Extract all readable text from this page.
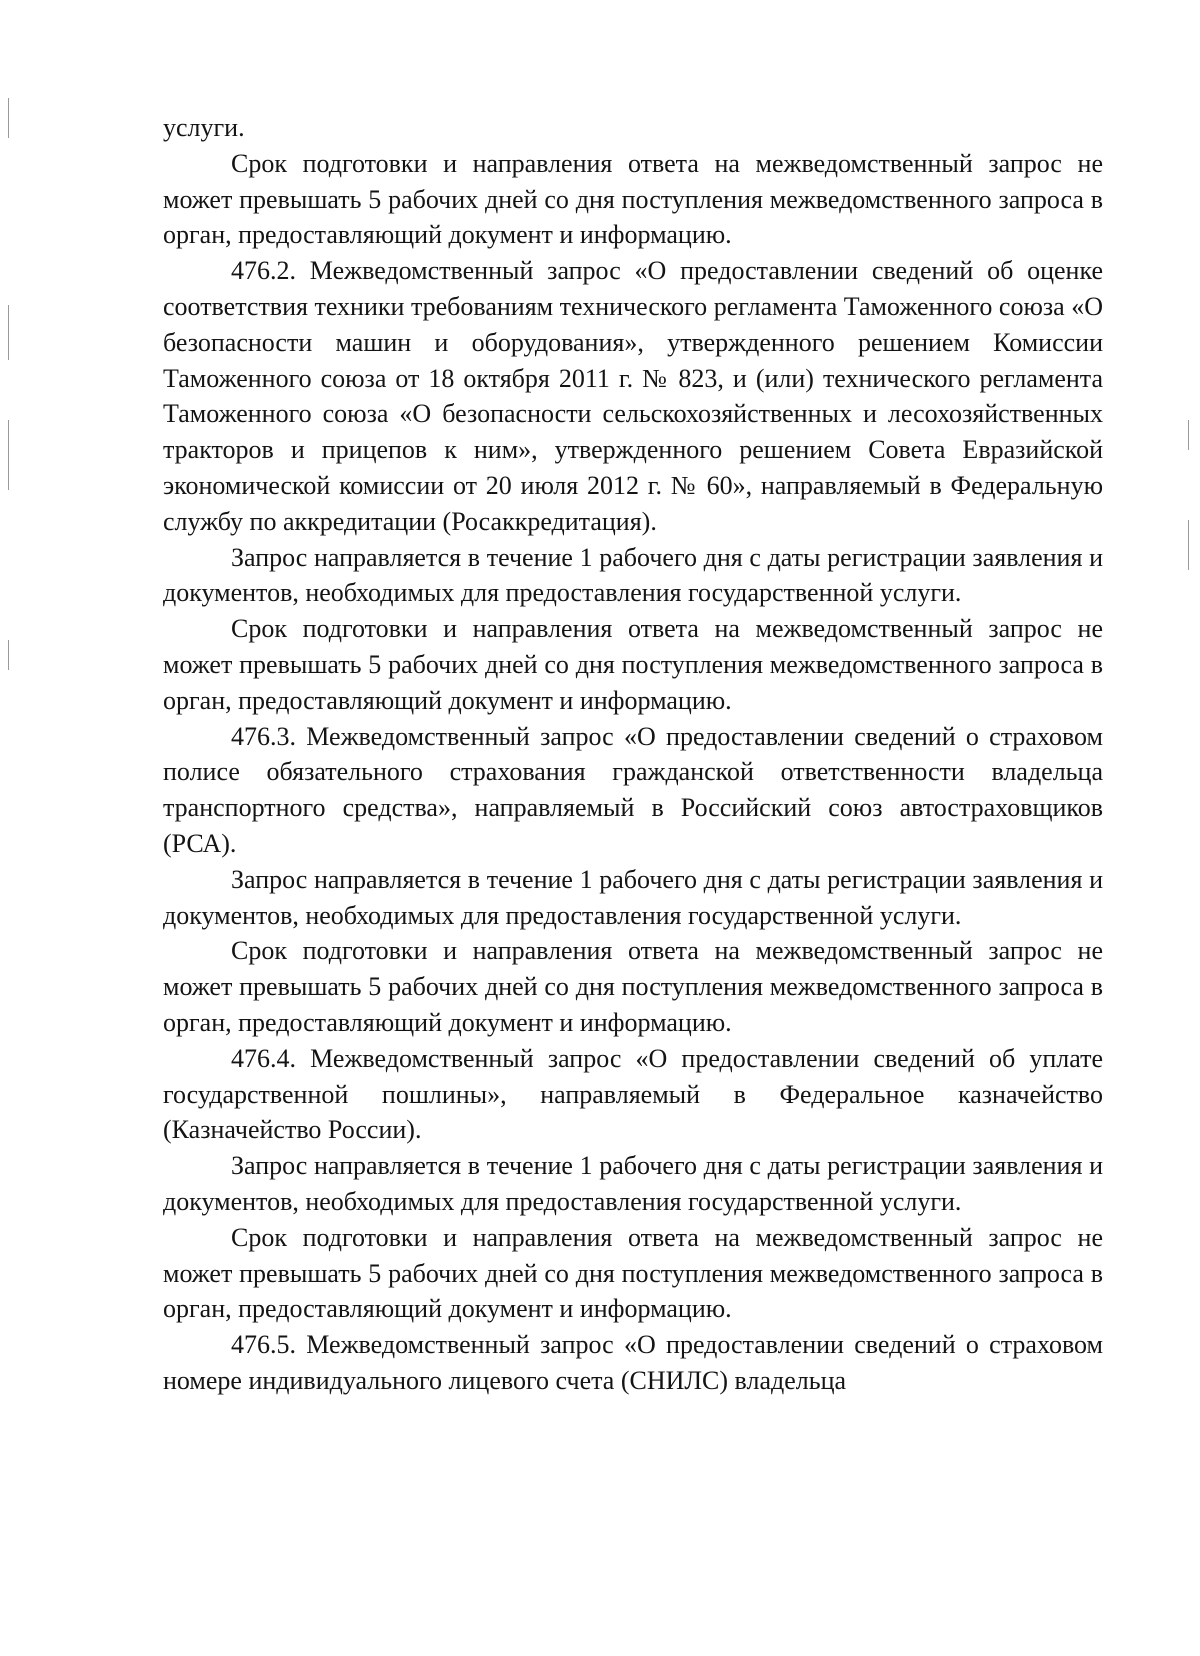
услуги.

Срок подготовки и направления ответа на межведомственный запрос не может превышать 5 рабочих дней со дня поступления межведомственного запроса в орган, предоставляющий документ и информацию.

476.2. Межведомственный запрос «О предоставлении сведений об оценке соответствия техники требованиям технического регламента Таможенного союза «О безопасности машин и оборудования», утвержденного решением Комиссии Таможенного союза от 18 октября 2011 г. № 823, и (или) технического регламента Таможенного союза «О безопасности сельскохозяйственных и лесохозяйственных тракторов и прицепов к ним», утвержденного решением Совета Евразийской экономической комиссии от 20 июля 2012 г. № 60», направляемый в Федеральную службу по аккредитации (Росаккредитация).

Запрос направляется в течение 1 рабочего дня с даты регистрации заявления и документов, необходимых для предоставления государственной услуги.

Срок подготовки и направления ответа на межведомственный запрос не может превышать 5 рабочих дней со дня поступления межведомственного запроса в орган, предоставляющий документ и информацию.

476.3. Межведомственный запрос «О предоставлении сведений о страховом полисе обязательного страхования гражданской ответственности владельца транспортного средства», направляемый в Российский союз автостраховщиков (РСА).

Запрос направляется в течение 1 рабочего дня с даты регистрации заявления и документов, необходимых для предоставления государственной услуги.

Срок подготовки и направления ответа на межведомственный запрос не может превышать 5 рабочих дней со дня поступления межведомственного запроса в орган, предоставляющий документ и информацию.

476.4. Межведомственный запрос «О предоставлении сведений об уплате государственной пошлины», направляемый в Федеральное казначейство (Казначейство России).

Запрос направляется в течение 1 рабочего дня с даты регистрации заявления и документов, необходимых для предоставления государственной услуги.

Срок подготовки и направления ответа на межведомственный запрос не может превышать 5 рабочих дней со дня поступления межведомственного запроса в орган, предоставляющий документ и информацию.

476.5. Межведомственный запрос «О предоставлении сведений о страховом номере индивидуального лицевого счета (СНИЛС) владельца
